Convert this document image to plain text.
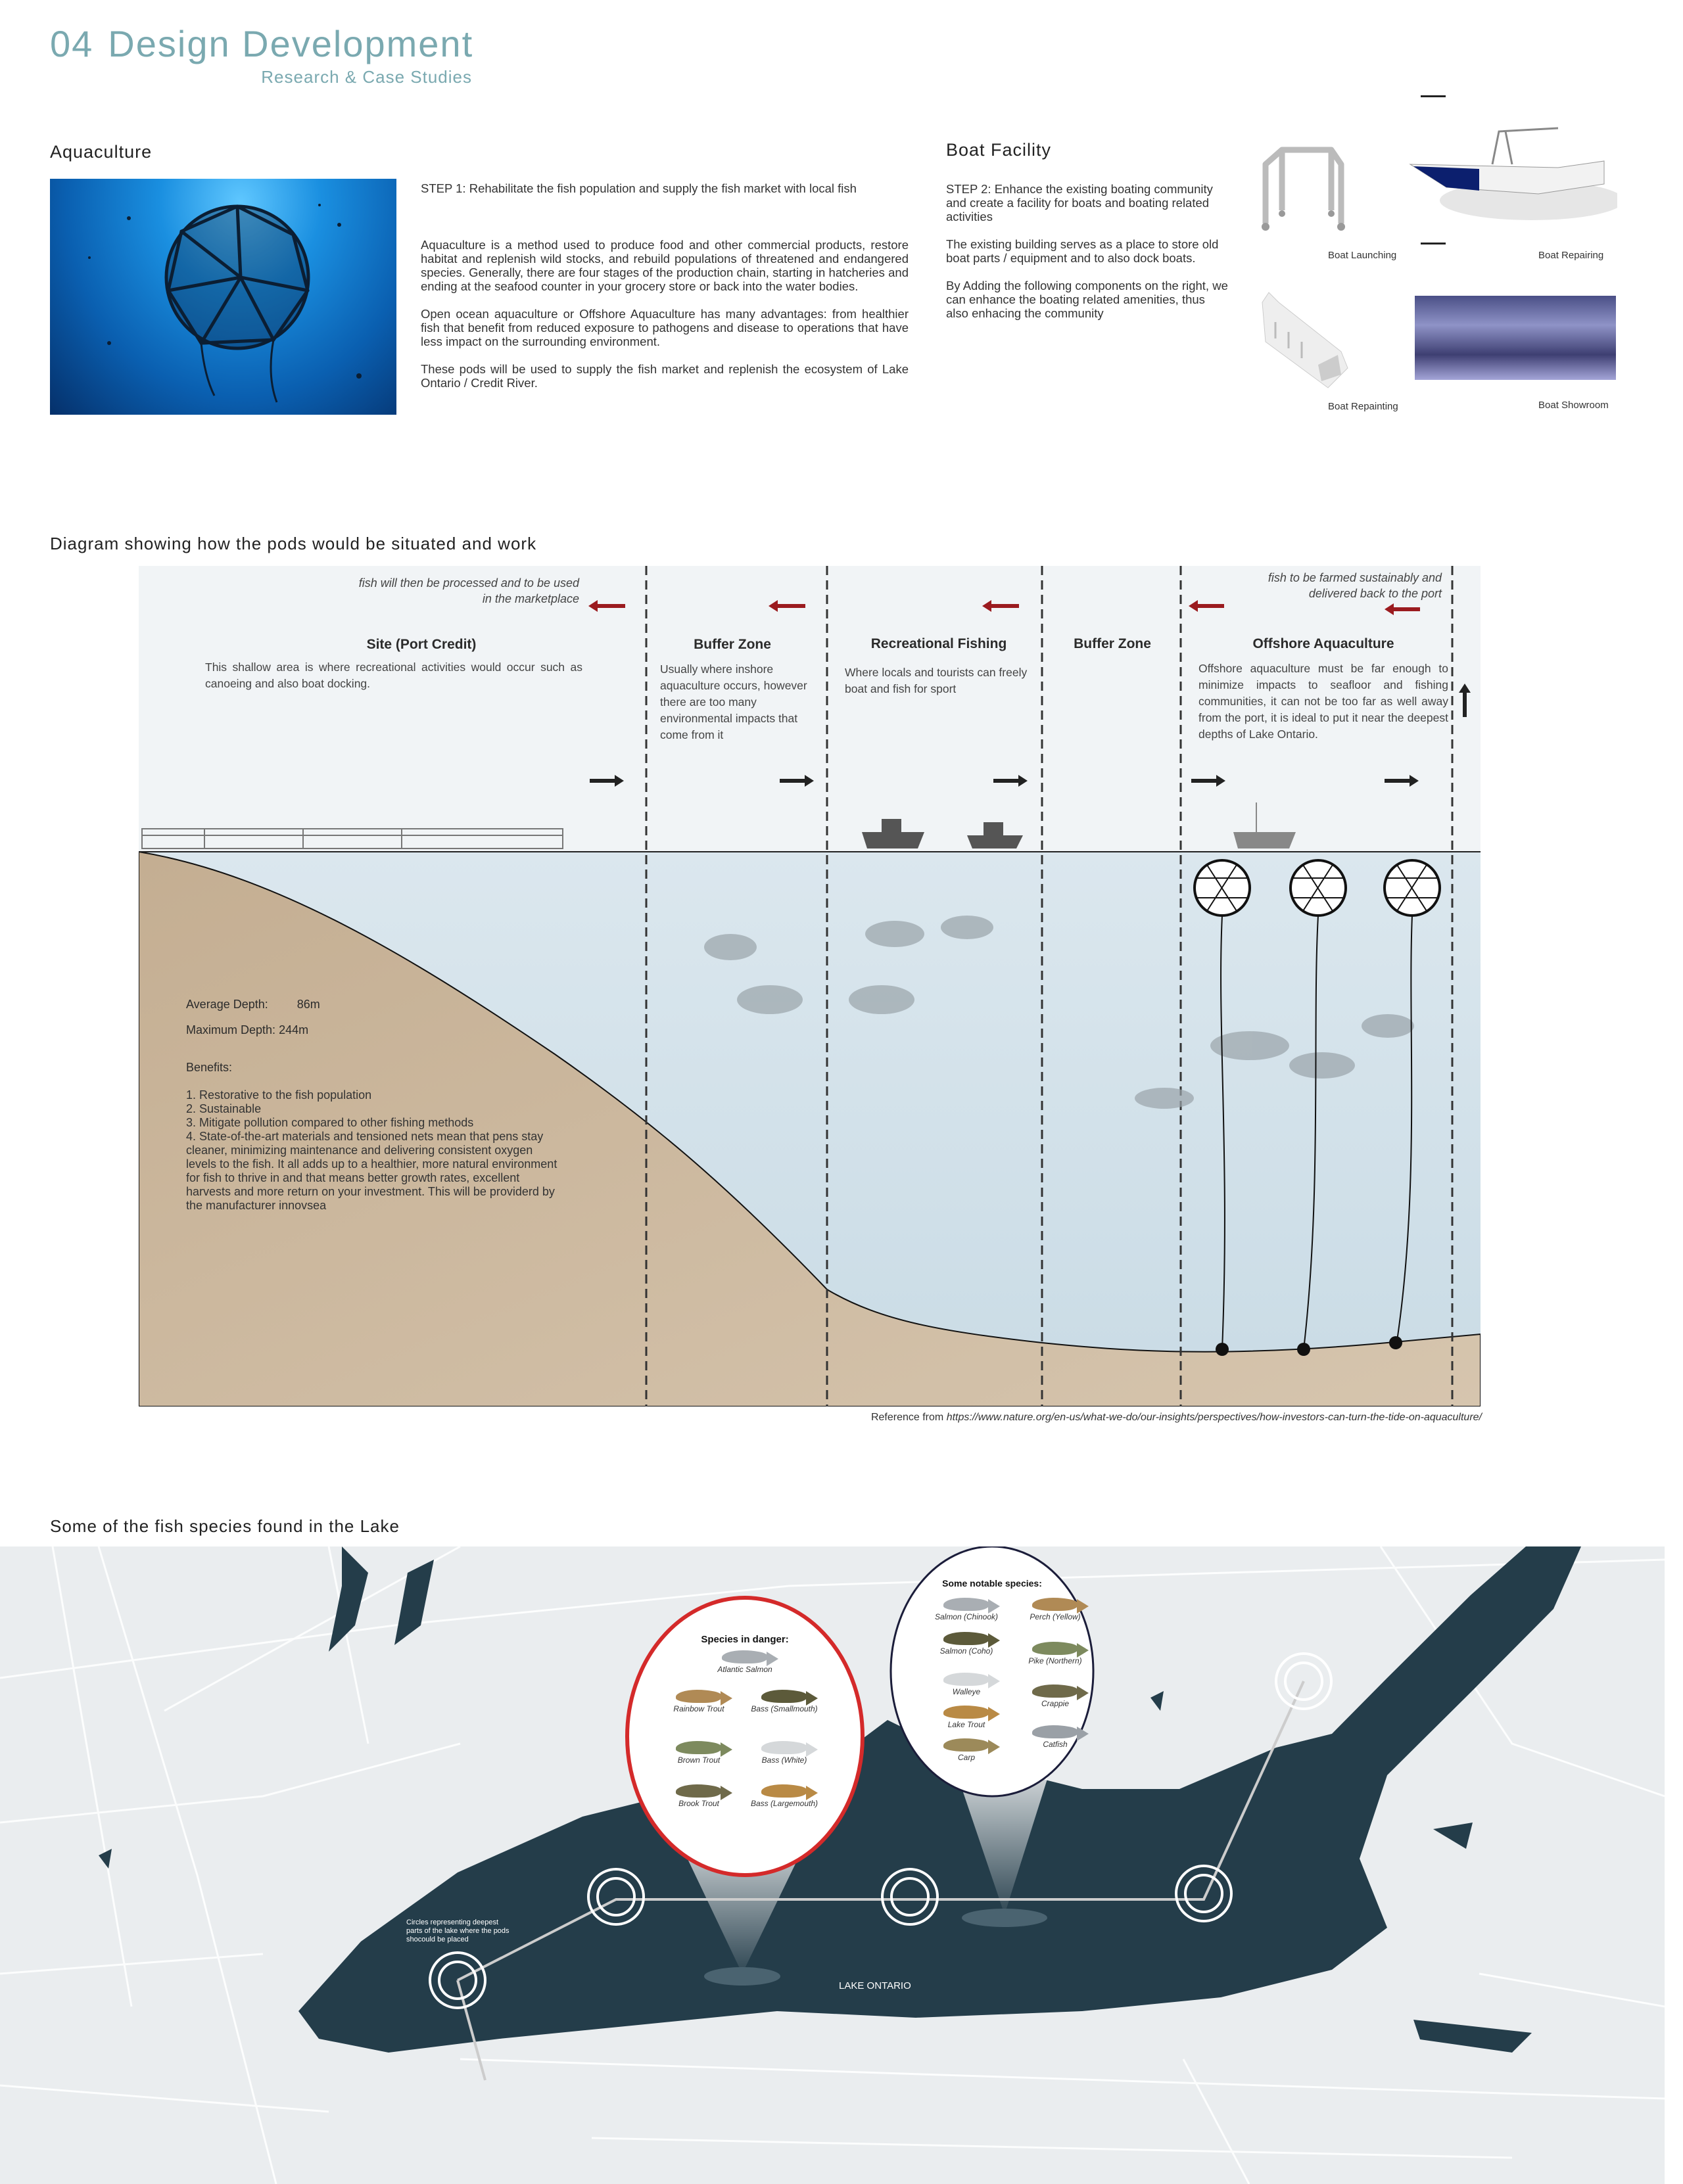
04 Design Development
Research & Case Studies
Aquaculture

STEP 1: Rehabilitate the fish population and supply the fish market with local fish

Aquaculture is a method used to produce food and other commercial products, restore habitat and replenish wild stocks, and rebuild populations of threatened and endangered species. Generally, there are four stages of the production chain, starting in hatcheries and ending at the seafood counter in your grocery store or back into the water bodies.

Open ocean aquaculture or Offshore Aquaculture has many advantages: from healthier fish that benefit from reduced exposure to pathogens and disease to operations that have less impact on the surrounding environment.

These pods will be used to supply the fish market and replenish the ecosystem of Lake Ontario / Credit River.

Boat Facility

STEP 2: Enhance the existing boating community and create a facility for boats and boating related activities

The existing building serves as a place to store old boat parts / equipment and to also dock boats.

By Adding the following components on the right, we can enhance the boating related amenities, thus also enhacing the community

Boat Launching	Boat Repairing
Boat Repainting	Boat Showroom
Diagram showing how the pods would be situated and work
fish will then be processed and to be used in the marketplace
fish to be farmed sustainably and delivered back to the port
Site (Port Credit)
This shallow area is where recreational activities would occur such as canoeing and also boat docking.
Buffer Zone
Usually where inshore aquaculture occurs, however there are too many environmental impacts that come from it
Recreational Fishing
Where locals and tourists can freely boat and fish for sport
Buffer Zone	Offshore Aquaculture
Offshore aquaculture must be far enough to minimize impacts to seafloor and fishing communities, it can not be too far as well away from the port, it is ideal to put it near the deepest depths of Lake Ontario.
Average Depth: 86m
Maximum Depth: 244m
Benefits:
1. Restorative to the fish population
2. Sustainable
3. Mitigate pollution compared to other fishing methods
4. State-of-the-art materials and tensioned nets mean that pens stay cleaner, minimizing maintenance and delivering consistent oxygen levels to the fish. It all adds up to a healthier, more natural environment for fish to thrive in and that means better growth rates, excellent harvests and more return on your investment. This will be providerd by the manufacturer innovsea
Reference from https://www.nature.org/en-us/what-we-do/our-insights/perspectives/how-investors-can-turn-the-tide-on-aquaculture/
Some of the fish species found in the Lake
Circles representing deepest parts of the lake where the pods shocould be placed
LAKE ONTARIO
Species in danger:
Some notable species:
Atlantic Salmon
Rainbow Trout	Bass (Smallmouth)
Brown Trout	Bass (White)
Brook Trout	Bass (Largemouth)
Salmon (Chinook)	Perch (Yellow)
Salmon (Coho)
Pike (Northern)
Walleye
Crappie
Lake Trout
Catfish
Carp
